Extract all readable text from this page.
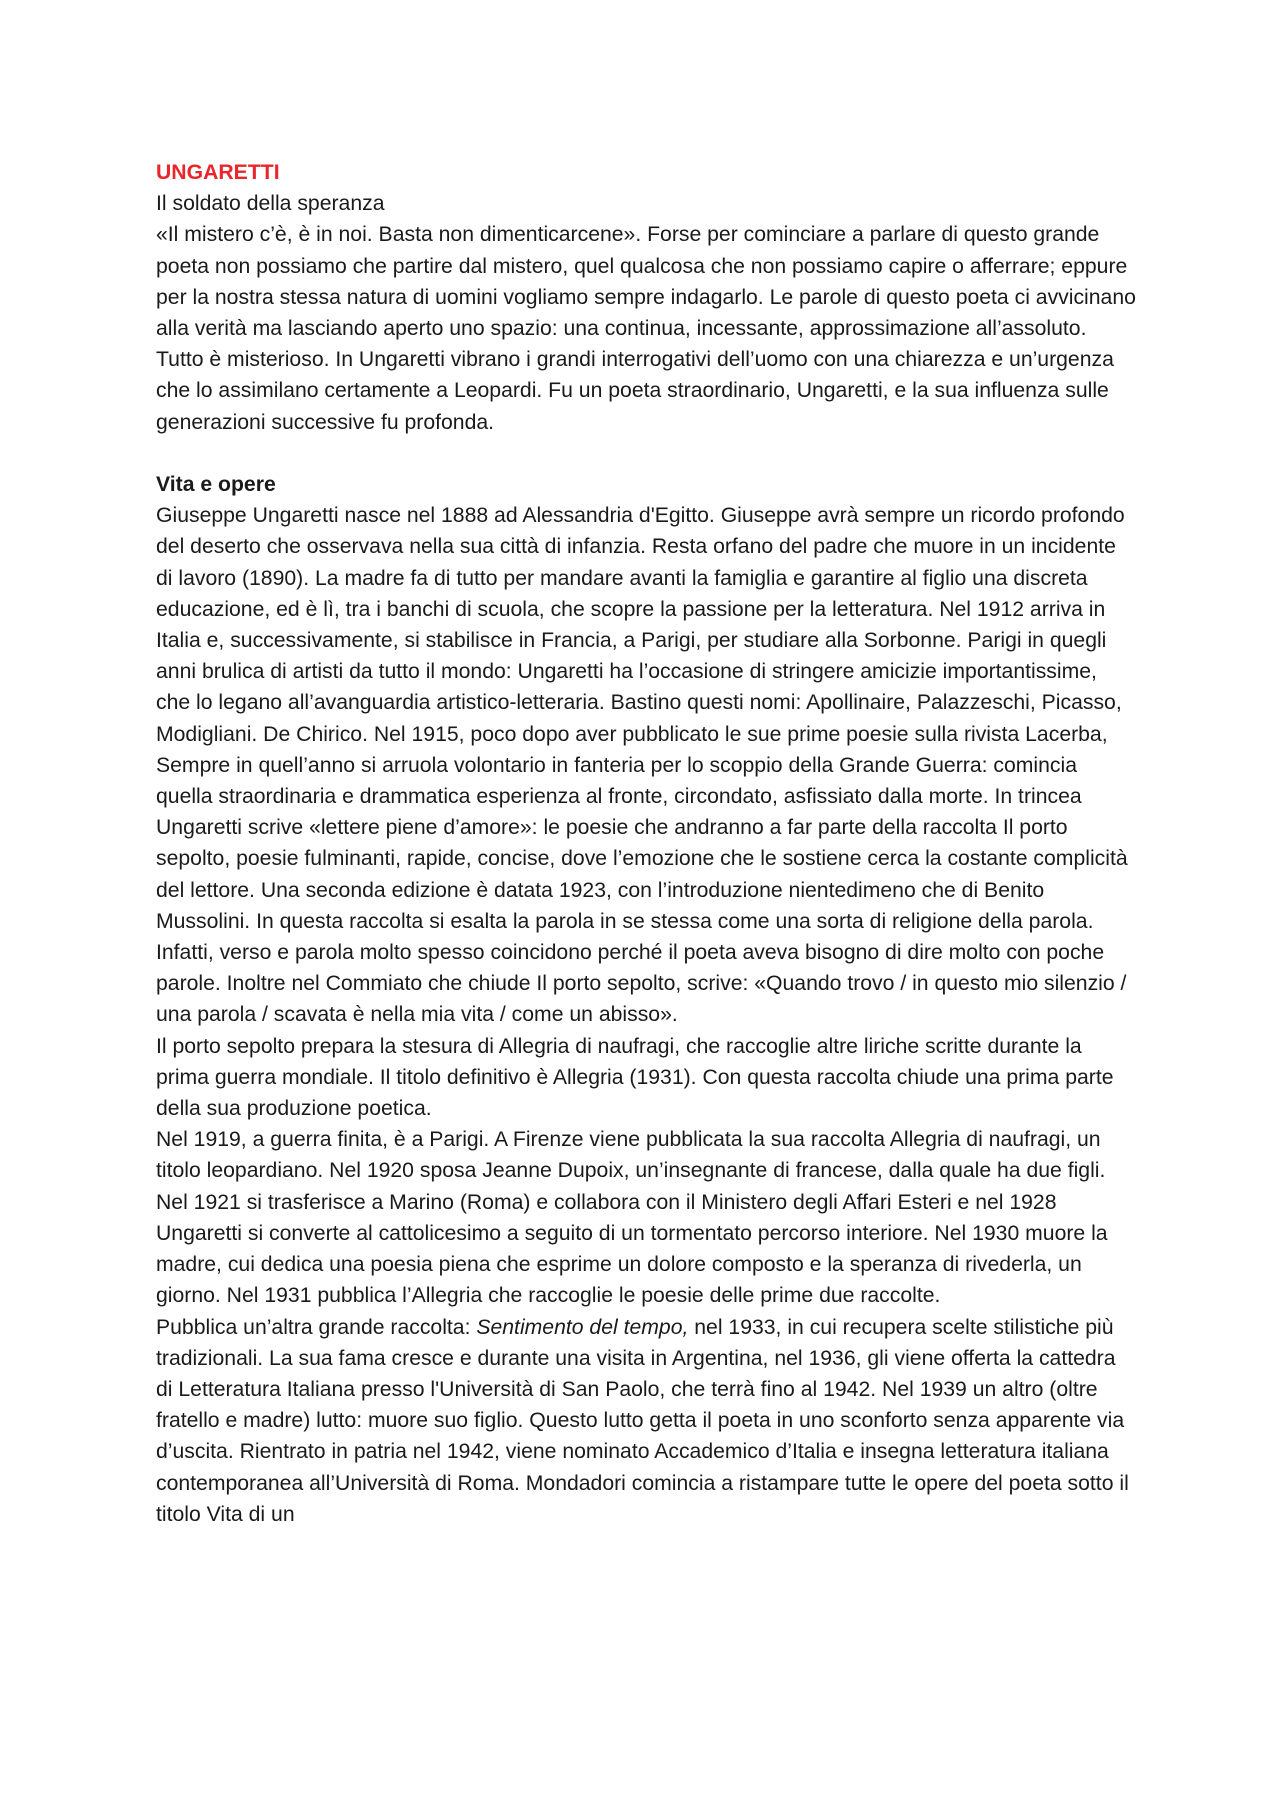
UNGARETTI

Il soldato della speranza

«Il mistero c’è, è in noi. Basta non dimenticarcene». Forse per cominciare a parlare di questo grande poeta non possiamo che partire dal mistero, quel qualcosa che non possiamo capire o afferrare; eppure per la nostra stessa natura di uomini vogliamo sempre indagarlo. Le parole di questo poeta ci avvicinano alla verità ma lasciando aperto uno spazio: una continua, incessante, approssimazione all’assoluto. Tutto è misterioso. In Ungaretti vibrano i grandi interrogativi dell’uomo con una chiarezza e un’urgenza che lo assimilano certamente a Leopardi. Fu un poeta straordinario, Ungaretti, e la sua influenza sulle generazioni successive fu profonda.

Vita e opere

Giuseppe Ungaretti nasce nel 1888 ad Alessandria d'Egitto. Giuseppe avrà sempre un ricordo profondo del deserto che osservava nella sua città di infanzia. Resta orfano del padre che muore in un incidente di lavoro (1890). La madre fa di tutto per mandare avanti la famiglia e garantire al figlio una discreta educazione, ed è lì, tra i banchi di scuola, che scopre la passione per la letteratura. Nel 1912 arriva in Italia e, successivamente, si stabilisce in Francia, a Parigi, per studiare alla Sorbonne. Parigi in quegli anni brulica di artisti da tutto il mondo: Ungaretti ha l’occasione di stringere amicizie importantissime, che lo legano all’avanguardia artistico-letteraria. Bastino questi nomi: Apollinaire, Palazzeschi, Picasso, Modigliani. De Chirico. Nel 1915, poco dopo aver pubblicato le sue prime poesie sulla rivista Lacerba, Sempre in quell’anno si arruola volontario in fanteria per lo scoppio della Grande Guerra: comincia quella straordinaria e drammatica esperienza al fronte, circondato, asfissiato dalla morte. In trincea Ungaretti scrive «lettere piene d’amore»: le poesie che andranno a far parte della raccolta Il porto sepolto, poesie fulminanti, rapide, concise, dove l’emozione che le sostiene cerca la costante complicità del lettore. Una seconda edizione è datata 1923, con l’introduzione nientedimeno che di Benito Mussolini. In questa raccolta si esalta la parola in se stessa come una sorta di religione della parola. Infatti, verso e parola molto spesso coincidono perché il poeta aveva bisogno di dire molto con poche parole. Inoltre nel Commiato che chiude Il porto sepolto, scrive: «Quando trovo / in questo mio silenzio / una parola / scavata è nella mia vita / come un abisso».

Il porto sepolto prepara la stesura di Allegria di naufragi, che raccoglie altre liriche scritte durante la prima guerra mondiale. Il titolo definitivo è Allegria (1931). Con questa raccolta chiude una prima parte della sua produzione poetica.

Nel 1919, a guerra finita, è a Parigi. A Firenze viene pubblicata la sua raccolta Allegria di naufragi, un titolo leopardiano. Nel 1920 sposa Jeanne Dupoix, un’insegnante di francese, dalla quale ha due figli. Nel 1921 si trasferisce a Marino (Roma) e collabora con il Ministero degli Affari Esteri e nel 1928 Ungaretti si converte al cattolicesimo a seguito di un tormentato percorso interiore. Nel 1930 muore la madre, cui dedica una poesia piena che esprime un dolore composto e la speranza di rivederla, un giorno. Nel 1931 pubblica l’Allegria che raccoglie le poesie delle prime due raccolte.

Pubblica un’altra grande raccolta: Sentimento del tempo, nel 1933, in cui recupera scelte stilistiche più tradizionali. La sua fama cresce e durante una visita in Argentina, nel 1936, gli viene offerta la cattedra di Letteratura Italiana presso l'Università di San Paolo, che terrà fino al 1942. Nel 1939 un altro (oltre fratello e madre) lutto: muore suo figlio. Questo lutto getta il poeta in uno sconforto senza apparente via d’uscita. Rientrato in patria nel 1942, viene nominato Accademico d’Italia e insegna letteratura italiana contemporanea all’Università di Roma. Mondadori comincia a ristampare tutte le opere del poeta sotto il titolo Vita di un
